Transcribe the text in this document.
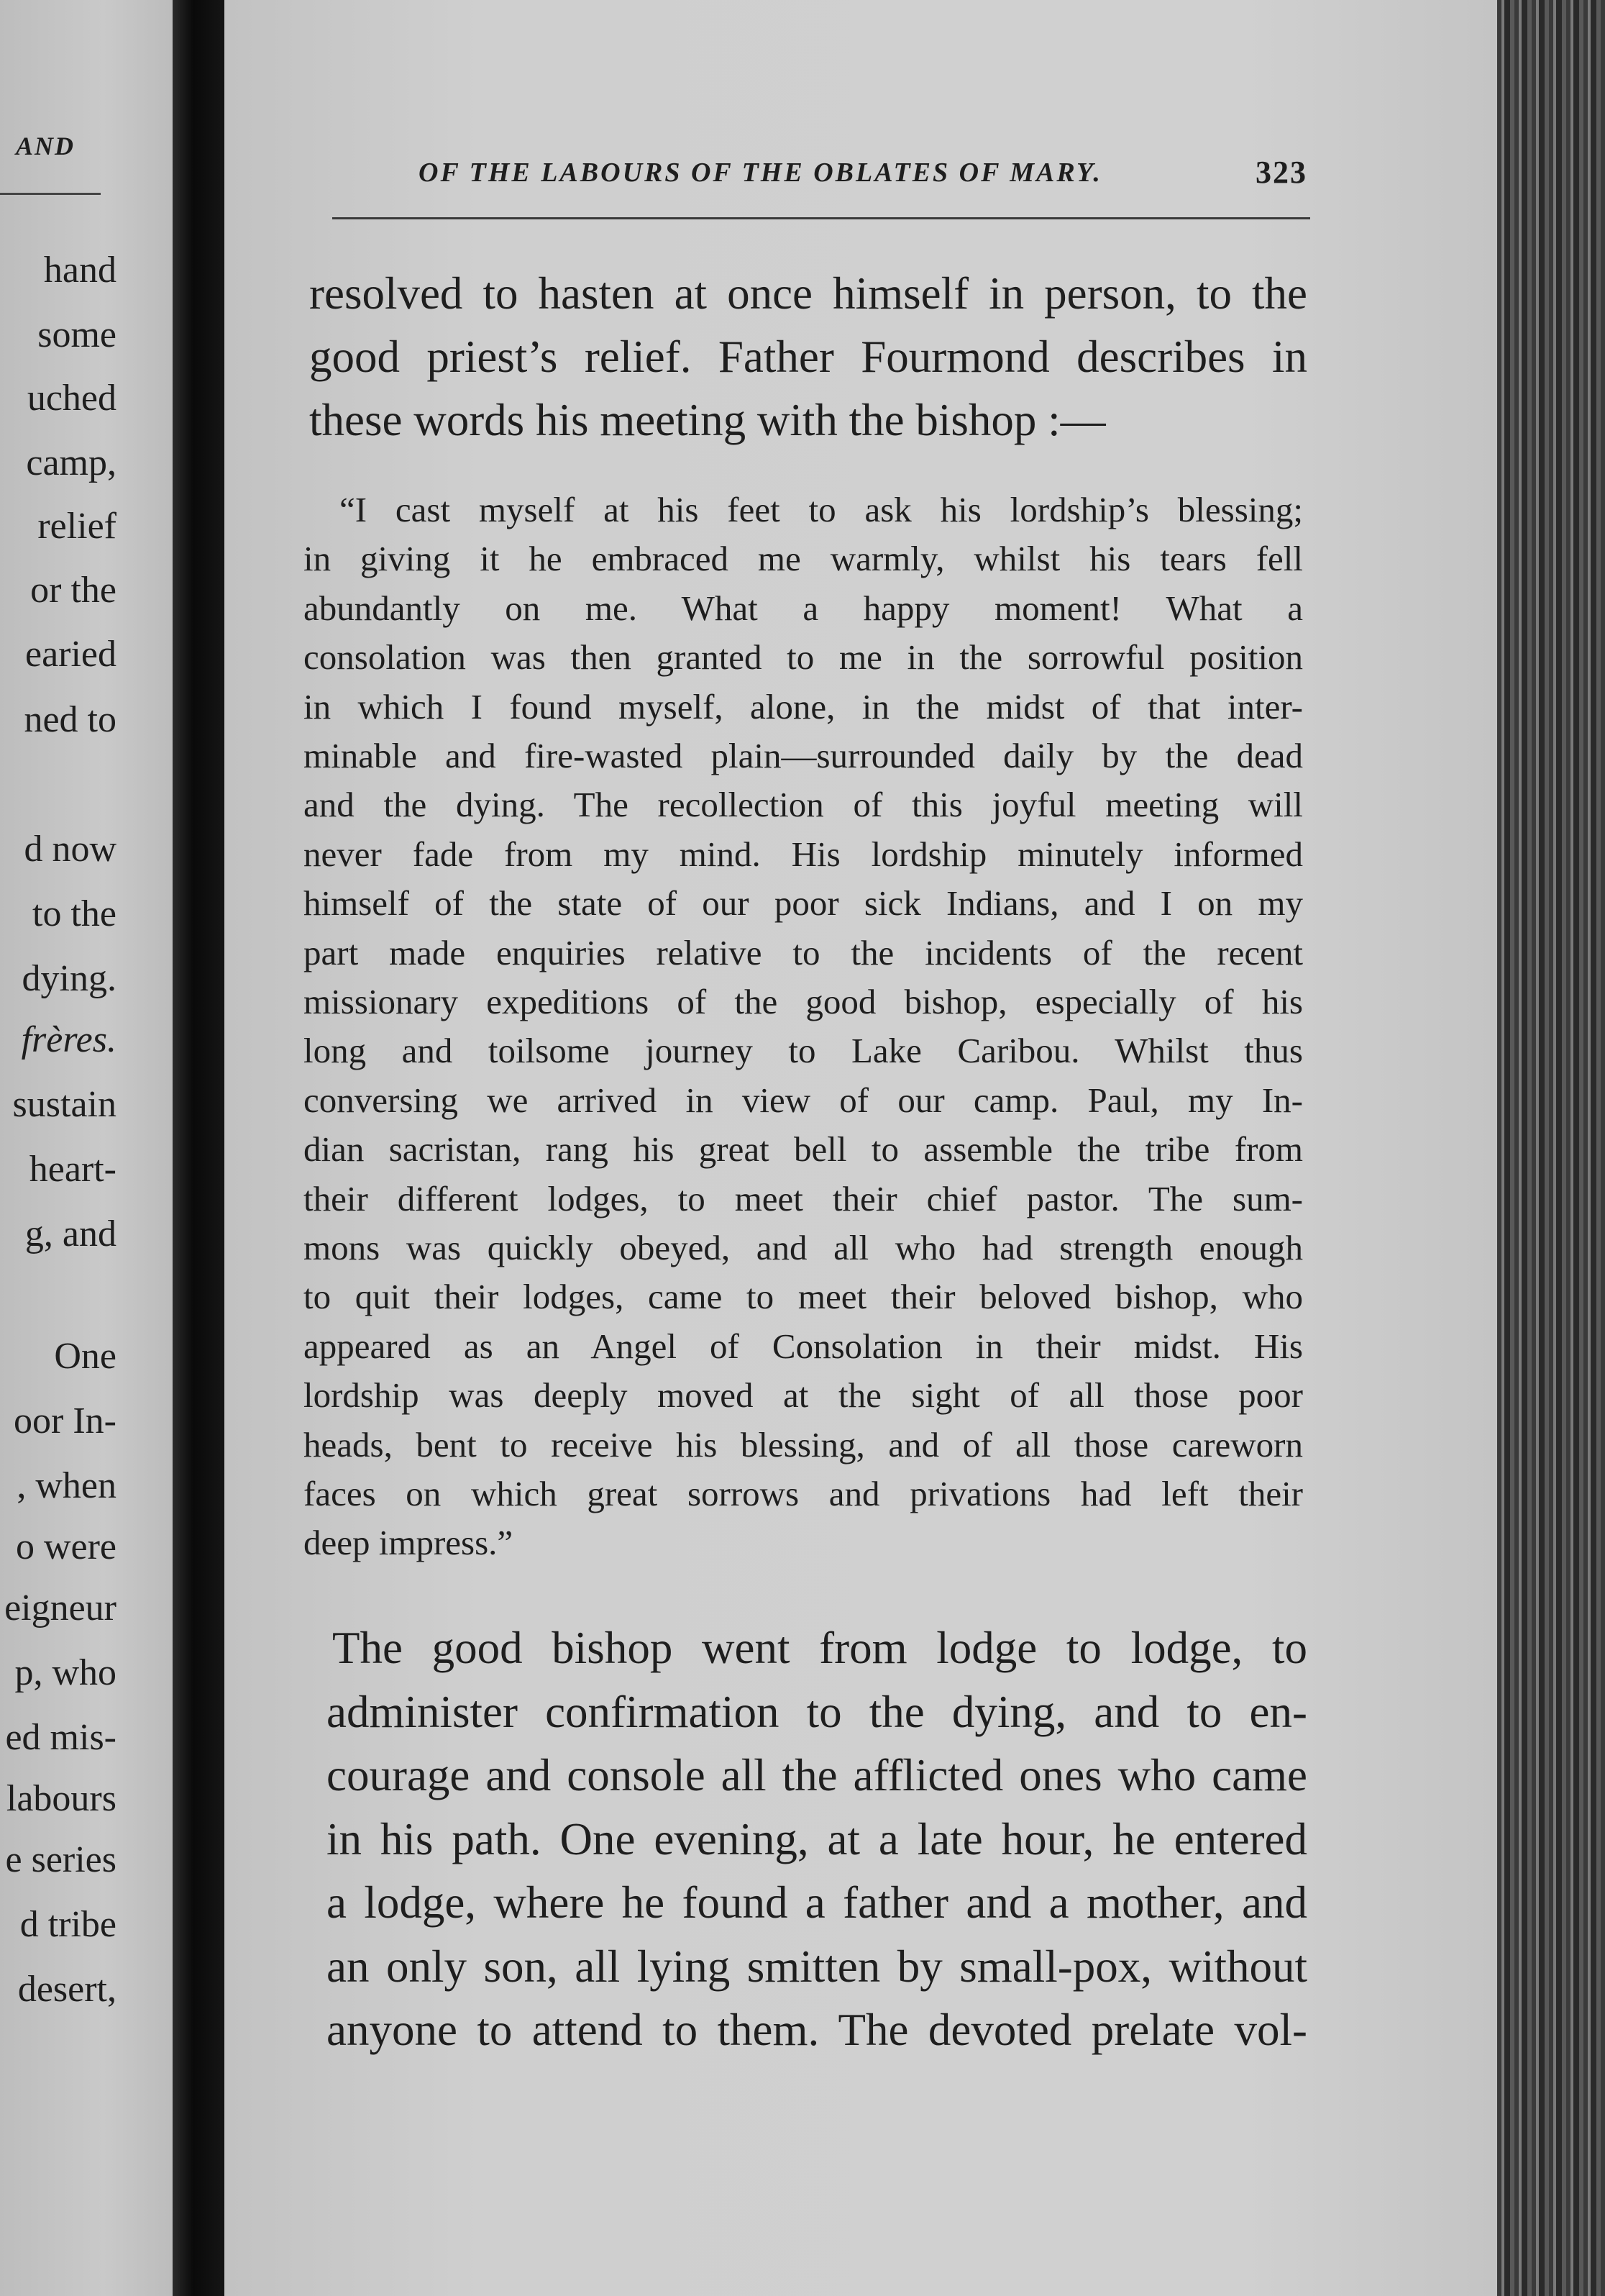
AND
hand
some
uched
camp,
relief
or the
earied
ned to
d now
to the
dying.
frères.
sustain
heart-
g, and
One
oor In-
, when
o were
eigneur
p, who
ed mis-
labours
e series
d tribe
desert,
OF THE LABOURS OF THE OBLATES OF MARY.	323
resolved to hasten at once himself in person, to the
good priest’s relief. Father Fourmond describes in
these words his meeting with the bishop :—
“I cast myself at his feet to ask his lordship’s blessing;
in giving it he embraced me warmly, whilst his tears fell
abundantly on me. What a happy moment! What a
consolation was then granted to me in the sorrowful position
in which I found myself, alone, in the midst of that inter-
minable and fire-wasted plain—surrounded daily by the dead
and the dying. The recollection of this joyful meeting will
never fade from my mind. His lordship minutely informed
himself of the state of our poor sick Indians, and I on my
part made enquiries relative to the incidents of the recent
missionary expeditions of the good bishop, especially of his
long and toilsome journey to Lake Caribou. Whilst thus
conversing we arrived in view of our camp. Paul, my In-
dian sacristan, rang his great bell to assemble the tribe from
their different lodges, to meet their chief pastor. The sum-
mons was quickly obeyed, and all who had strength enough
to quit their lodges, came to meet their beloved bishop, who
appeared as an Angel of Consolation in their midst. His
lordship was deeply moved at the sight of all those poor
heads, bent to receive his blessing, and of all those careworn
faces on which great sorrows and privations had left their
deep impress.”
The good bishop went from lodge to lodge, to
administer confirmation to the dying, and to en-
courage and console all the afflicted ones who came
in his path. One evening, at a late hour, he entered
a lodge, where he found a father and a mother, and
an only son, all lying smitten by small-pox, without
anyone to attend to them. The devoted prelate vol-
